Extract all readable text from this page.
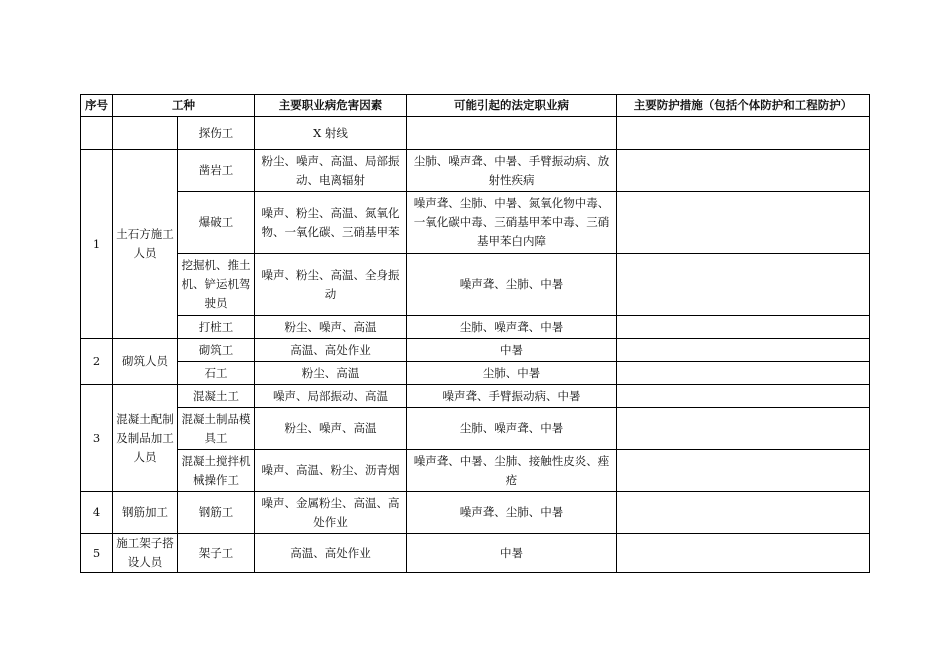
序号	工种		主要职业病危害因素	可能引起的法定职业病	主要防护措施（包括个体防护和工程防护）
		探伤工	X 射线		
1	土石方施工人员	凿岩工	粉尘、噪声、高温、局部振动、电离辐射	尘肺、噪声聋、中暑、手臂振动病、放射性疾病	
		爆破工	噪声、粉尘、高温、氮氧化物、一氧化碳、三硝基甲苯	噪声聋、尘肺、中暑、氮氧化物中毒、一氧化碳中毒、三硝基甲苯中毒、三硝基甲苯白内障	
		挖掘机、推土机、铲运机驾驶员	噪声、粉尘、高温、全身振动	噪声聋、尘肺、中暑	
		打桩工	粉尘、噪声、高温	尘肺、噪声聋、中暑	
2	砌筑人员	砌筑工	高温、高处作业	中暑	
		石工	粉尘、高温	尘肺、中暑	
3	混凝土配制及制品加工人员	混凝土工	噪声、局部振动、高温	噪声聋、手臂振动病、中暑	
		混凝土制品模具工	粉尘、噪声、高温	尘肺、噪声聋、中暑	
		混凝土搅拌机械操作工	噪声、高温、粉尘、沥青烟	噪声聋、中暑、尘肺、接触性皮炎、痤疮	
4	钢筋加工	钢筋工	噪声、金属粉尘、高温、高处作业	噪声聋、尘肺、中暑	
5	施工架子搭设人员	架子工	高温、高处作业	中暑	
